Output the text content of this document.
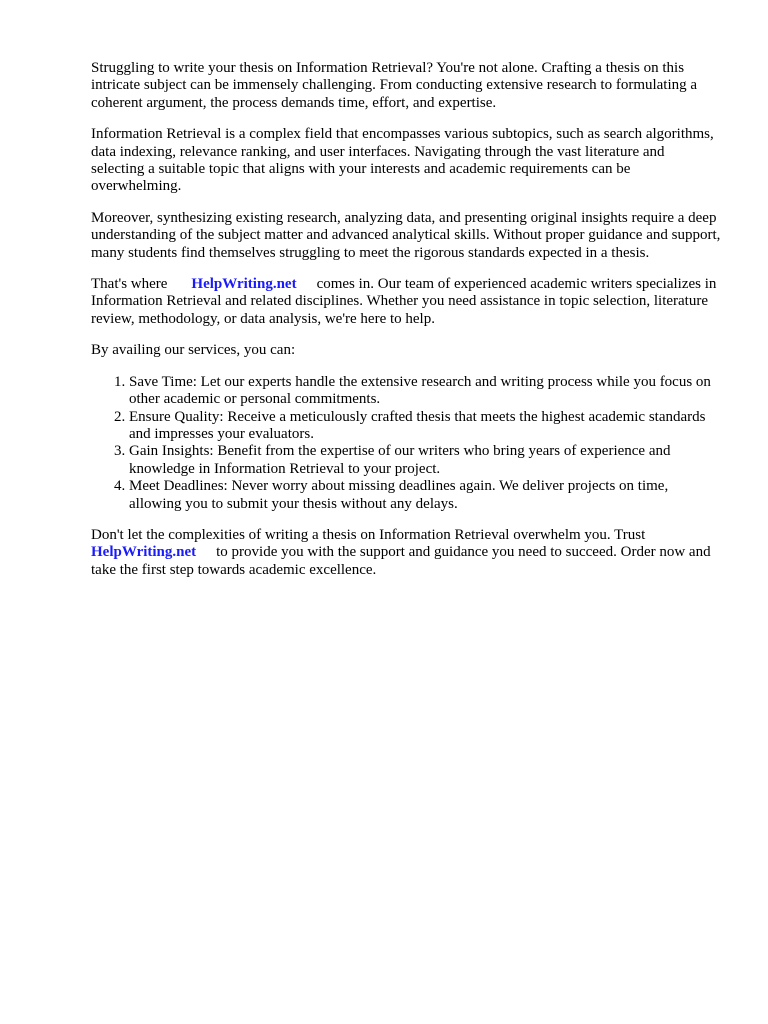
Struggling to write your thesis on Information Retrieval? You're not alone. Crafting a thesis on this intricate subject can be immensely challenging. From conducting extensive research to formulating a coherent argument, the process demands time, effort, and expertise.

Information Retrieval is a complex field that encompasses various subtopics, such as search algorithms, data indexing, relevance ranking, and user interfaces. Navigating through the vast literature and selecting a suitable topic that aligns with your interests and academic requirements can be overwhelming.

Moreover, synthesizing existing research, analyzing data, and presenting original insights require a deep understanding of the subject matter and advanced analytical skills. Without proper guidance and support, many students find themselves struggling to meet the rigorous standards expected in a thesis.

That's where HelpWriting.net comes in. Our team of experienced academic writers specializes in Information Retrieval and related disciplines. Whether you need assistance in topic selection, literature review, methodology, or data analysis, we're here to help.

By availing our services, you can:

1. Save Time: Let our experts handle the extensive research and writing process while you focus on other academic or personal commitments.
2. Ensure Quality: Receive a meticulously crafted thesis that meets the highest academic standards and impresses your evaluators.
3. Gain Insights: Benefit from the expertise of our writers who bring years of experience and knowledge in Information Retrieval to your project.
4. Meet Deadlines: Never worry about missing deadlines again. We deliver projects on time, allowing you to submit your thesis without any delays.

Don't let the complexities of writing a thesis on Information Retrieval overwhelm you. Trust
HelpWriting.net to provide you with the support and guidance you need to succeed. Order now and take the first step towards academic excellence.
